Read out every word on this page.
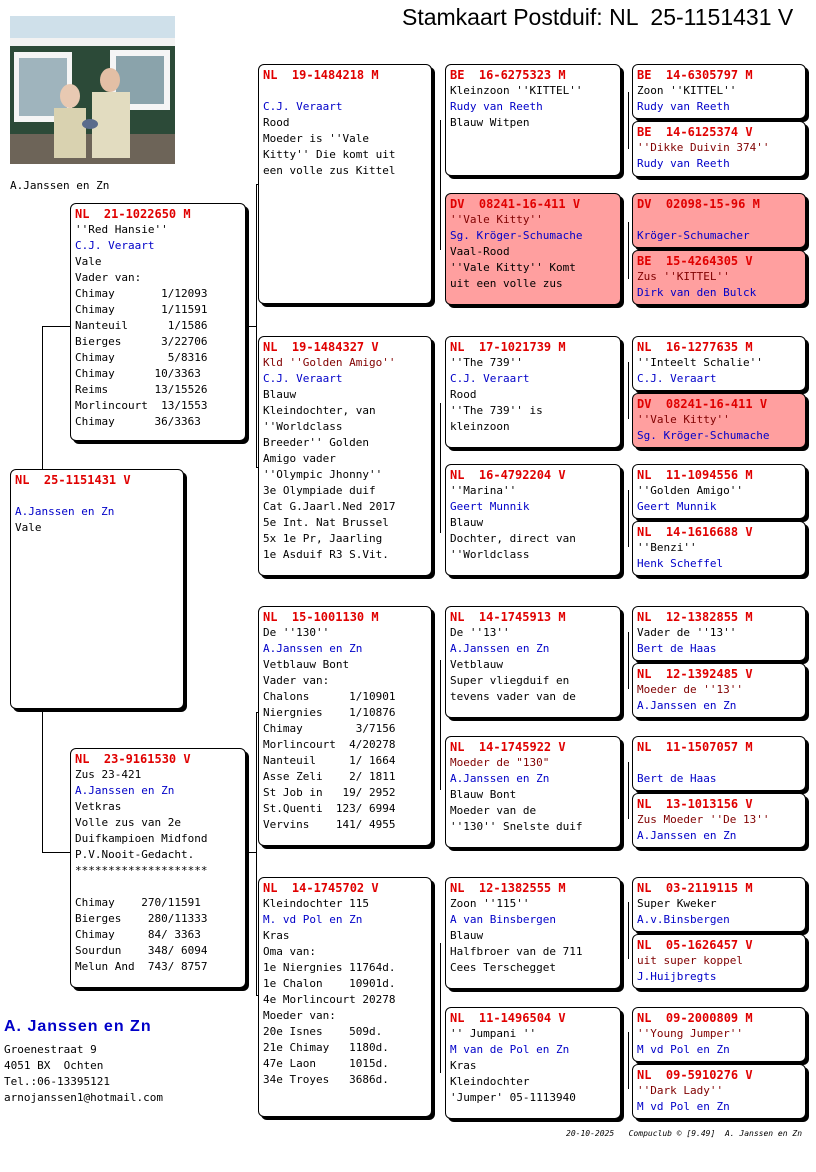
Stamkaart Postduif: NL  25-1151431 V
A.Janssen en Zn
NL  25-1151431 V
A.Janssen en Zn
Vale
NL  21-1022650 M
''Red Hansie''
C.J. Veraart
Vale
Vader van:
Chimay       1/12093
Chimay       1/11591
Nanteuil      1/1586
Bierges      3/22706
Chimay        5/8316
Chimay      10/3363
Reims       13/15526
Morlincourt  13/1553
Chimay      36/3363
NL  23-9161530 V
Zus 23-421
A.Janssen en Zn
Vetkras
Volle zus van 2e
Duifkampioen Midfond
P.V.Nooit-Gedacht.
********************
Chimay    270/11591
Bierges    280/11333
Chimay     84/ 3363
Sourdun    348/ 6094
Melun And  743/ 8757
NL  19-1484218 M
C.J. Veraart
Rood
Moeder is ''Vale
Kitty'' Die komt uit
een volle zus Kittel
NL  19-1484327 V
Kld ''Golden Amigo''
C.J. Veraart
Blauw
Kleindochter, van
''Worldclass
Breeder'' Golden
Amigo vader
''Olympic Jhonny''
3e Olympiade duif
Cat G.Jaarl.Ned 2017
5e Int. Nat Brussel
5x 1e Pr, Jaarling
1e Asduif R3 S.Vit.
NL  15-1001130 M
De ''130''
A.Janssen en Zn
Vetblauw Bont
Vader van:
Chalons      1/10901
Niergnies    1/10876
Chimay        3/7156
Morlincourt  4/20278
Nanteuil     1/ 1664
Asse Zeli    2/ 1811
St Job in   19/ 2952
St.Quenti  123/ 6994
Vervins    141/ 4955
NL  14-1745702 V
Kleindochter 115
M. vd Pol en Zn
Kras
Oma van:
1e Niergnies 11764d.
1e Chalon    10901d.
4e Morlincourt 20278
Moeder van:
20e Isnes    509d.
21e Chimay   1180d.
47e Laon     1015d.
34e Troyes   3686d.
BE  16-6275323 M
Kleinzoon ''KITTEL''
Rudy van Reeth
Blauw Witpen
DV  08241-16-411 V
''Vale Kitty''
Sg. Kröger-Schumache
Vaal-Rood
''Vale Kitty'' Komt
uit een volle zus
NL  17-1021739 M
''The 739''
C.J. Veraart
Rood
''The 739'' is
kleinzoon
NL  16-4792204 V
''Marina''
Geert Munnik
Blauw
Dochter, direct van
''Worldclass
NL  14-1745913 M
De ''13''
A.Janssen en Zn
Vetblauw
Super vliegduif en
tevens vader van de
NL  14-1745922 V
Moeder de "130"
A.Janssen en Zn
Blauw Bont
Moeder van de
''130'' Snelste duif
NL  12-1382555 M
Zoon ''115''
A van Binsbergen
Blauw
Halfbroer van de 711
Cees Terschegget
NL  11-1496504 V
'' Jumpani ''
M van de Pol en Zn
Kras
Kleindochter
'Jumper' 05-1113940
BE  14-6305797 M
Zoon ''KITTEL''
Rudy van Reeth
BE  14-6125374 V
''Dikke Duivin 374''
Rudy van Reeth
DV  02098-15-96 M
Kröger-Schumacher
BE  15-4264305 V
Zus ''KITTEL''
Dirk van den Bulck
NL  16-1277635 M
''Inteelt Schalie''
C.J. Veraart
DV  08241-16-411 V
''Vale Kitty''
Sg. Kröger-Schumache
NL  11-1094556 M
''Golden Amigo''
Geert Munnik
NL  14-1616688 V
''Benzi''
Henk Scheffel
NL  12-1382855 M
Vader de ''13''
Bert de Haas
NL  12-1392485 V
Moeder de ''13''
A.Janssen en Zn
NL  11-1507057 M
Bert de Haas
NL  13-1013156 V
Zus Moeder ''De 13''
A.Janssen en Zn
NL  03-2119115 M
Super Kweker
A.v.Binsbergen
NL  05-1626457 V
uit super koppel
J.Huijbregts
NL  09-2000809 M
''Young Jumper''
M vd Pol en Zn
NL  09-5910276 V
''Dark Lady''
M vd Pol en Zn
A. Janssen en Zn
Groenestraat 9
4051 BX  Ochten
Tel.:06-13395121
arnojanssen1@hotmail.com
20-10-2025   Compuclub © [9.49]  A. Janssen en Zn
